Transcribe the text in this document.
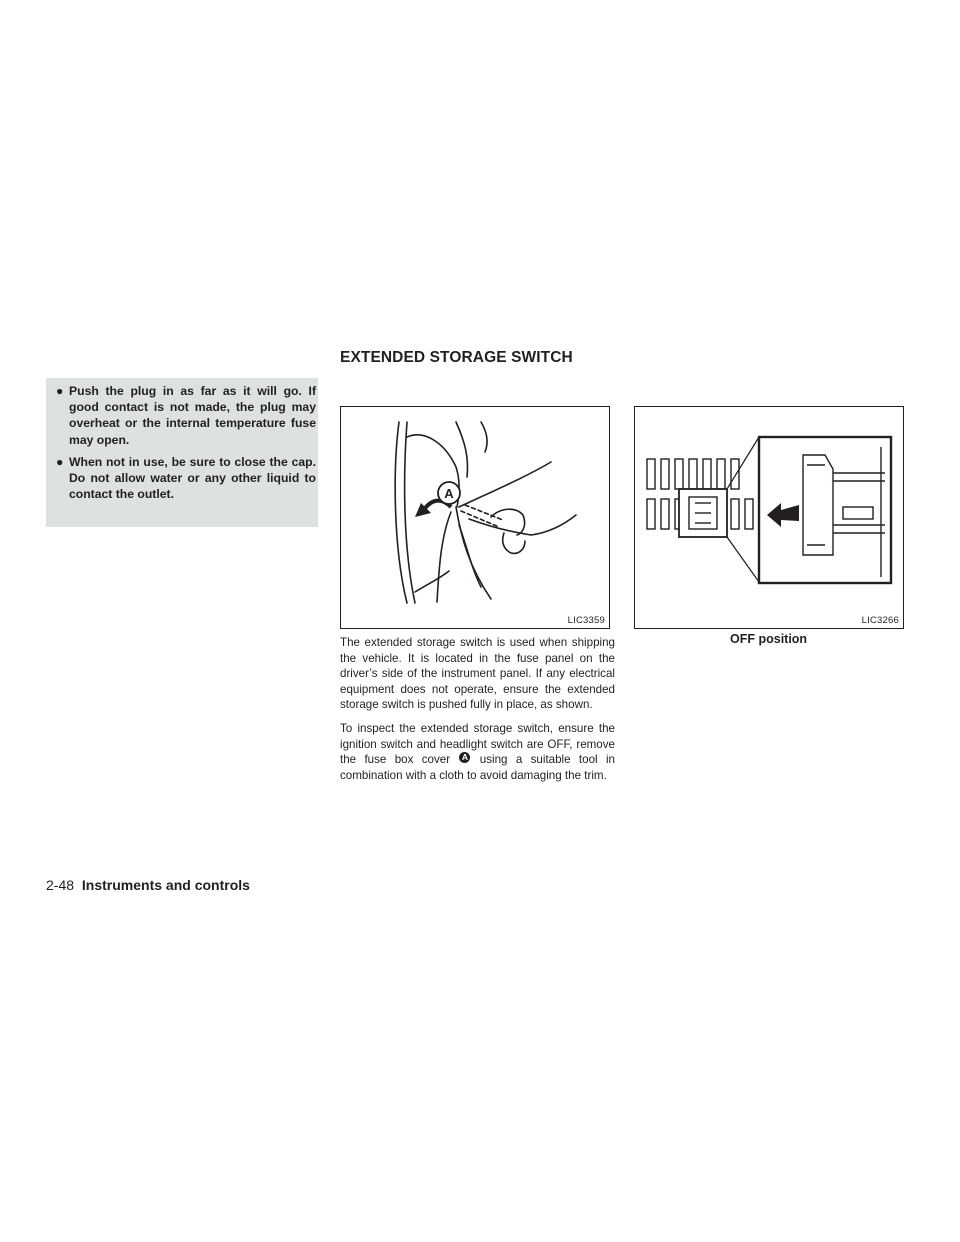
EXTENDED STORAGE SWITCH
● Push the plug in as far as it will go. If good contact is not made, the plug may overheat or the internal temperature fuse may open.
● When not in use, be sure to close the cap. Do not allow water or any other liquid to contact the outlet.	A
LIC3359	LIC3266

OFF position

The extended storage switch is used when shipping the vehicle. It is located in the fuse panel on the driver’s side of the instrument panel. If any electrical equipment does not operate, ensure the extended storage switch is pushed fully in place, as shown.

To inspect the extended storage switch, ensure the ignition switch and headlight switch are OFF, remove the fuse box cover A using a suitable tool in combination with a cloth to avoid damaging the trim.

2-48 Instruments and controls
